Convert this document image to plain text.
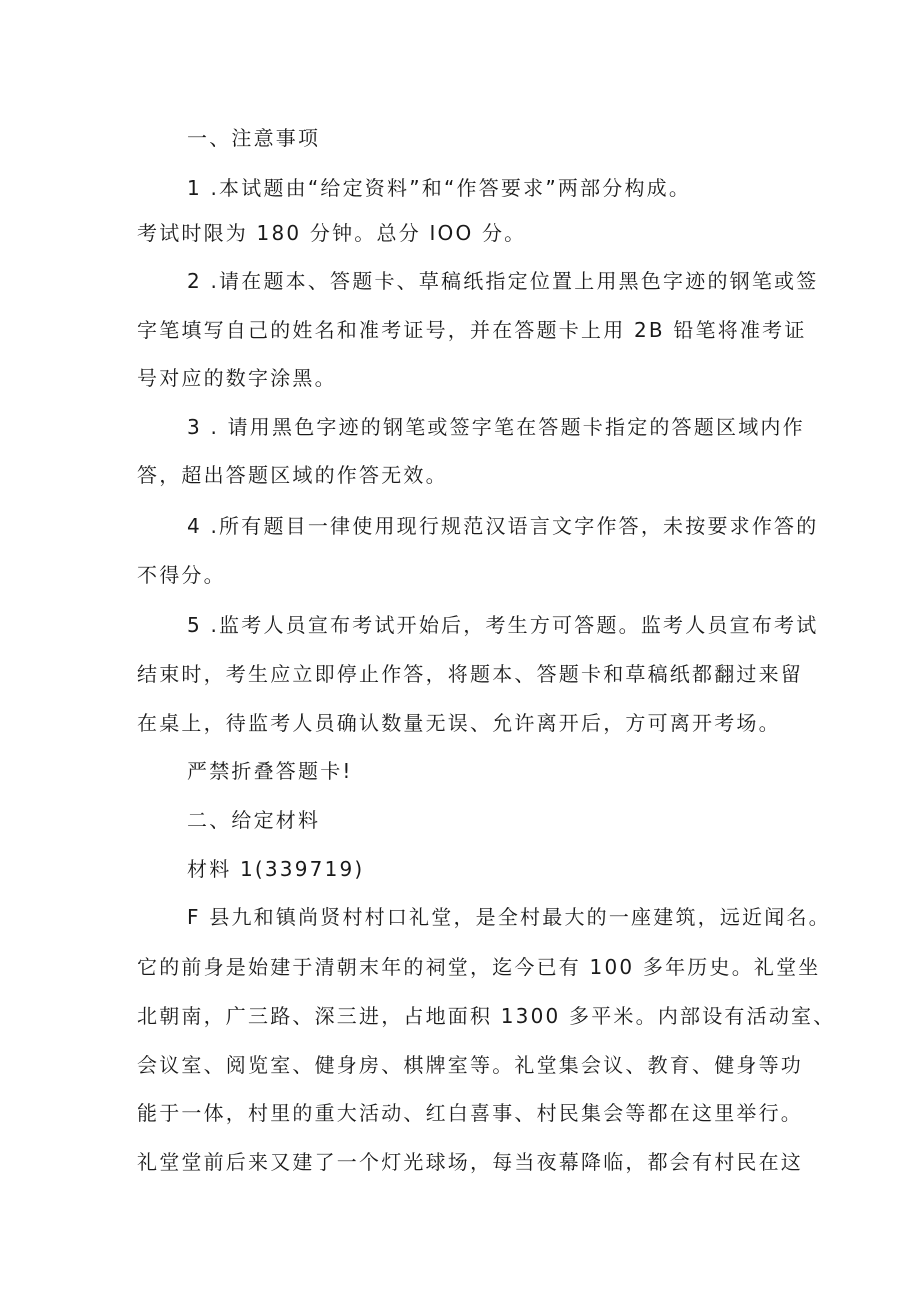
一、注意事项

1 .本试题由“给定资料”和“作答要求”两部分构成。

考试时限为 180 分钟。总分 IOO 分。

2 .请在题本、答题卡、草稿纸指定位置上用黑色字迹的钢笔或签

字笔填写自己的姓名和准考证号，并在答题卡上用 2B 铅笔将准考证

号对应的数字涂黑。

3 . 请用黑色字迹的钢笔或签字笔在答题卡指定的答题区域内作

答，超出答题区域的作答无效。

4 .所有题目一律使用现行规范汉语言文字作答，未按要求作答的

不得分。

5 .监考人员宣布考试开始后，考生方可答题。监考人员宣布考试

结束时，考生应立即停止作答，将题本、答题卡和草稿纸都翻过来留

在桌上，待监考人员确认数量无误、允许离开后，方可离开考场。

严禁折叠答题卡!

二、给定材料

材料 1(339719)

F 县九和镇尚贤村村口礼堂，是全村最大的一座建筑，远近闻名。

它的前身是始建于清朝末年的祠堂，迄今已有 100 多年历史。礼堂坐

北朝南，广三路、深三进，占地面积 1300 多平米。内部设有活动室、

会议室、阅览室、健身房、棋牌室等。礼堂集会议、教育、健身等功

能于一体，村里的重大活动、红白喜事、村民集会等都在这里举行。

礼堂堂前后来又建了一个灯光球场，每当夜幕降临，都会有村民在这
